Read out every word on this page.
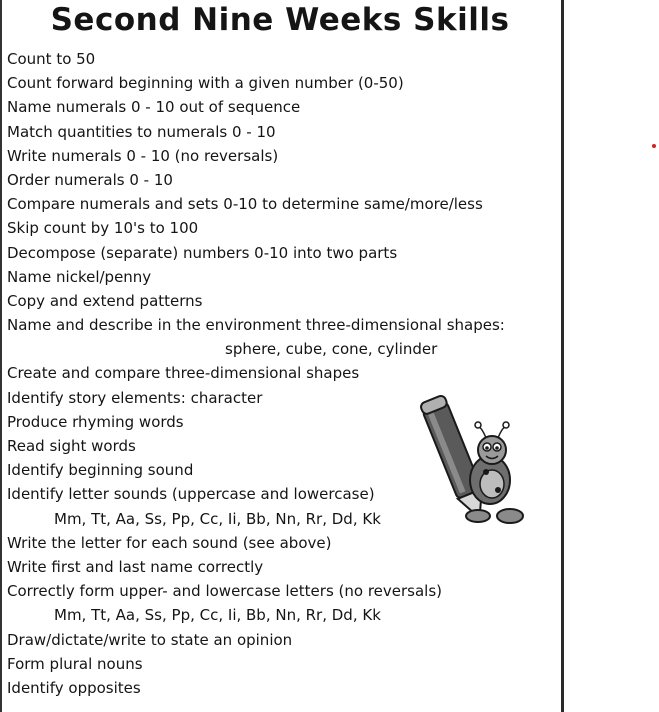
Second Nine Weeks Skills
Count to 50
Count forward beginning with a given number (0-50)
Name numerals 0 - 10 out of sequence
Match quantities to numerals 0 - 10
Write numerals 0 - 10 (no reversals)
Order numerals 0 - 10
Compare numerals and sets 0-10 to determine same/more/less
Skip count by 10's to 100
Decompose (separate) numbers 0-10 into two parts
Name nickel/penny
Copy and extend patterns
Name and describe in the environment three-dimensional shapes:
sphere, cube, cone, cylinder
Create and compare three-dimensional shapes
Identify story elements: character
Produce rhyming words
Read sight words
Identify beginning sound
Identify letter sounds (uppercase and lowercase)
Mm, Tt, Aa, Ss, Pp, Cc, Ii, Bb, Nn, Rr, Dd, Kk
Write the letter for each sound (see above)
Write first and last name correctly
Correctly form upper- and lowercase letters (no reversals)
Mm, Tt, Aa, Ss, Pp, Cc, Ii, Bb, Nn, Rr, Dd, Kk
Draw/dictate/write to state an opinion
Form plural nouns
Identify opposites
